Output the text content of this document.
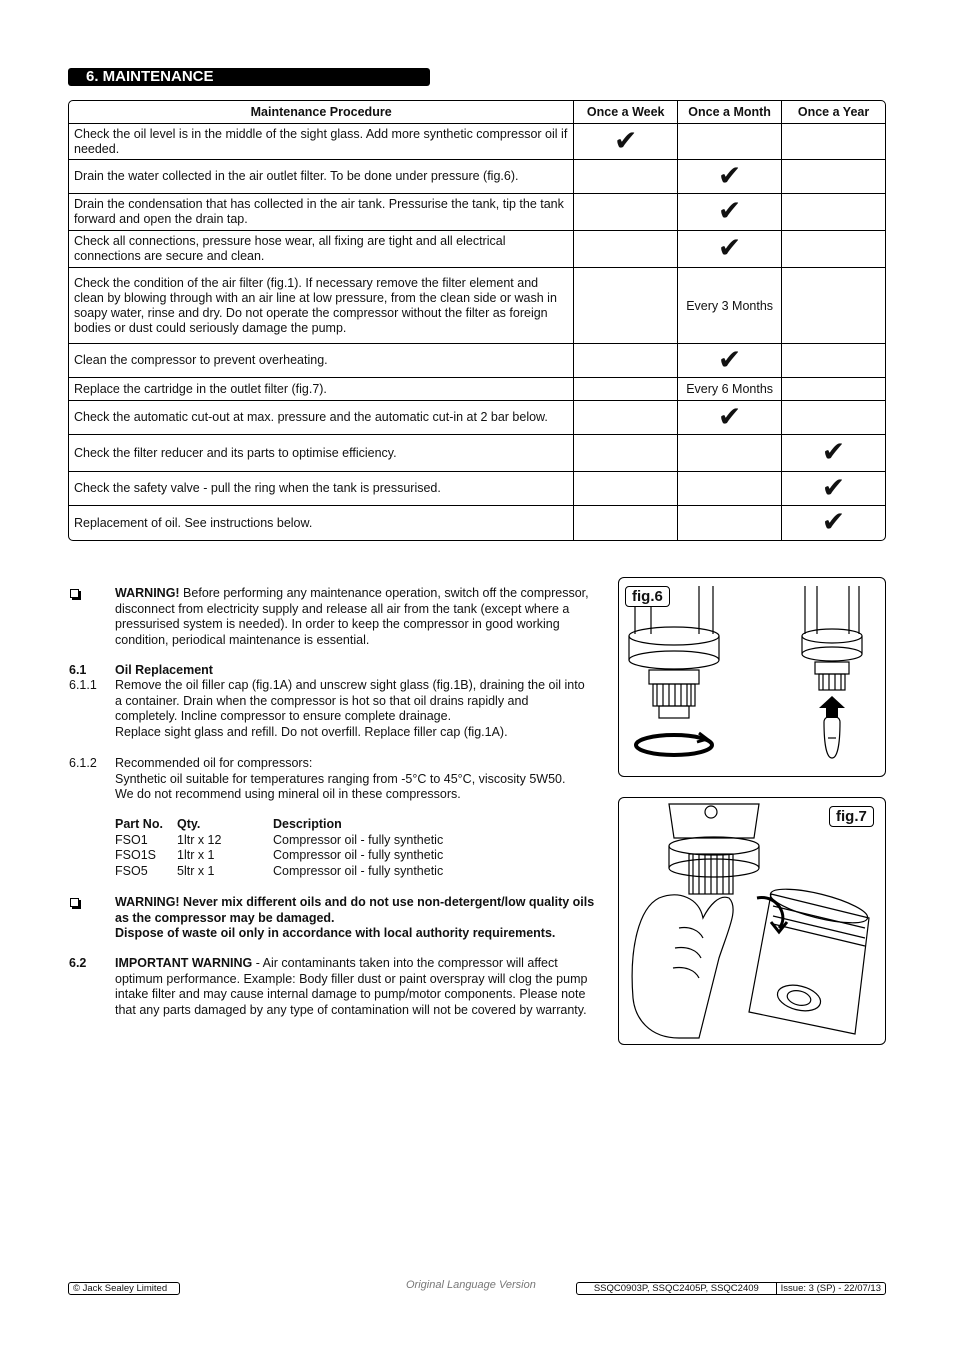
6. MAINTENANCE
Maintenance Procedure	Once a Week	Once a Month	Once a Year
Check the oil level is in the middle of the sight glass. Add more synthetic compressor oil if needed.	✔		
Drain the water collected in the air outlet filter. To be done under pressure (fig.6).		✔	
Drain the condensation that has collected in the air tank. Pressurise the tank, tip the tank forward and open the drain tap.		✔	
Check all connections, pressure hose wear, all fixing are tight and all electrical connections are secure and clean.		✔	
Check the condition of the air filter (fig.1). If necessary remove the filter element and clean by blowing through with an air line at low pressure, from the clean side or wash in soapy water, rinse and dry. Do not operate the compressor without the filter as foreign bodies or dust could seriously damage the pump.		Every 3 Months	
Clean the compressor to prevent overheating.		✔	
Replace the cartridge in the outlet filter (fig.7).		Every 6 Months	
Check the automatic cut-out at max. pressure and the automatic cut-in at 2 bar below.		✔	
Check the filter reducer and its parts to optimise efficiency.			✔
Check the safety valve - pull the ring when the tank is pressurised.			✔
Replacement of oil. See instructions below.			✔
WARNING! Before performing any maintenance operation, switch off the compressor, disconnect from electricity supply and release all air from the tank (except where a pressurised system is needed). In order to keep the compressor in good working condition, periodical maintenance is essential.
6.1 Oil Replacement
6.1.1 Remove the oil filler cap (fig.1A) and unscrew sight glass (fig.1B), draining the oil into a container. Drain when the compressor is hot so that oil drains rapidly and completely. Incline compressor to ensure complete drainage.
Replace sight glass and refill. Do not overfill. Replace filler cap (fig.1A).
6.1.2 Recommended oil for compressors:
Synthetic oil suitable for temperatures ranging from -5°C to 45°C, viscosity 5W50.
We do not recommend using mineral oil in these compressors.
Part No.	Qty.	Description
FSO1	1ltr x 12	Compressor oil - fully synthetic
FSO1S	1ltr x 1	Compressor oil - fully synthetic
FSO5	5ltr x 1	Compressor oil - fully synthetic
WARNING! Never mix different oils and do not use non-detergent/low quality oils as the compressor may be damaged.
Dispose of waste oil only in accordance with local authority requirements.
6.2 IMPORTANT WARNING - Air contaminants taken into the compressor will affect optimum performance. Example: Body filler dust or paint overspray will clog the pump intake filter and may cause internal damage to pump/motor components. Please note that any parts damaged by any type of contamination will not be covered by warranty.
fig.6
fig.7
© Jack Sealey Limited	Original Language Version	SSQC0903P, SSQC2405P, SSQC2409	Issue: 3 (SP) - 22/07/13
